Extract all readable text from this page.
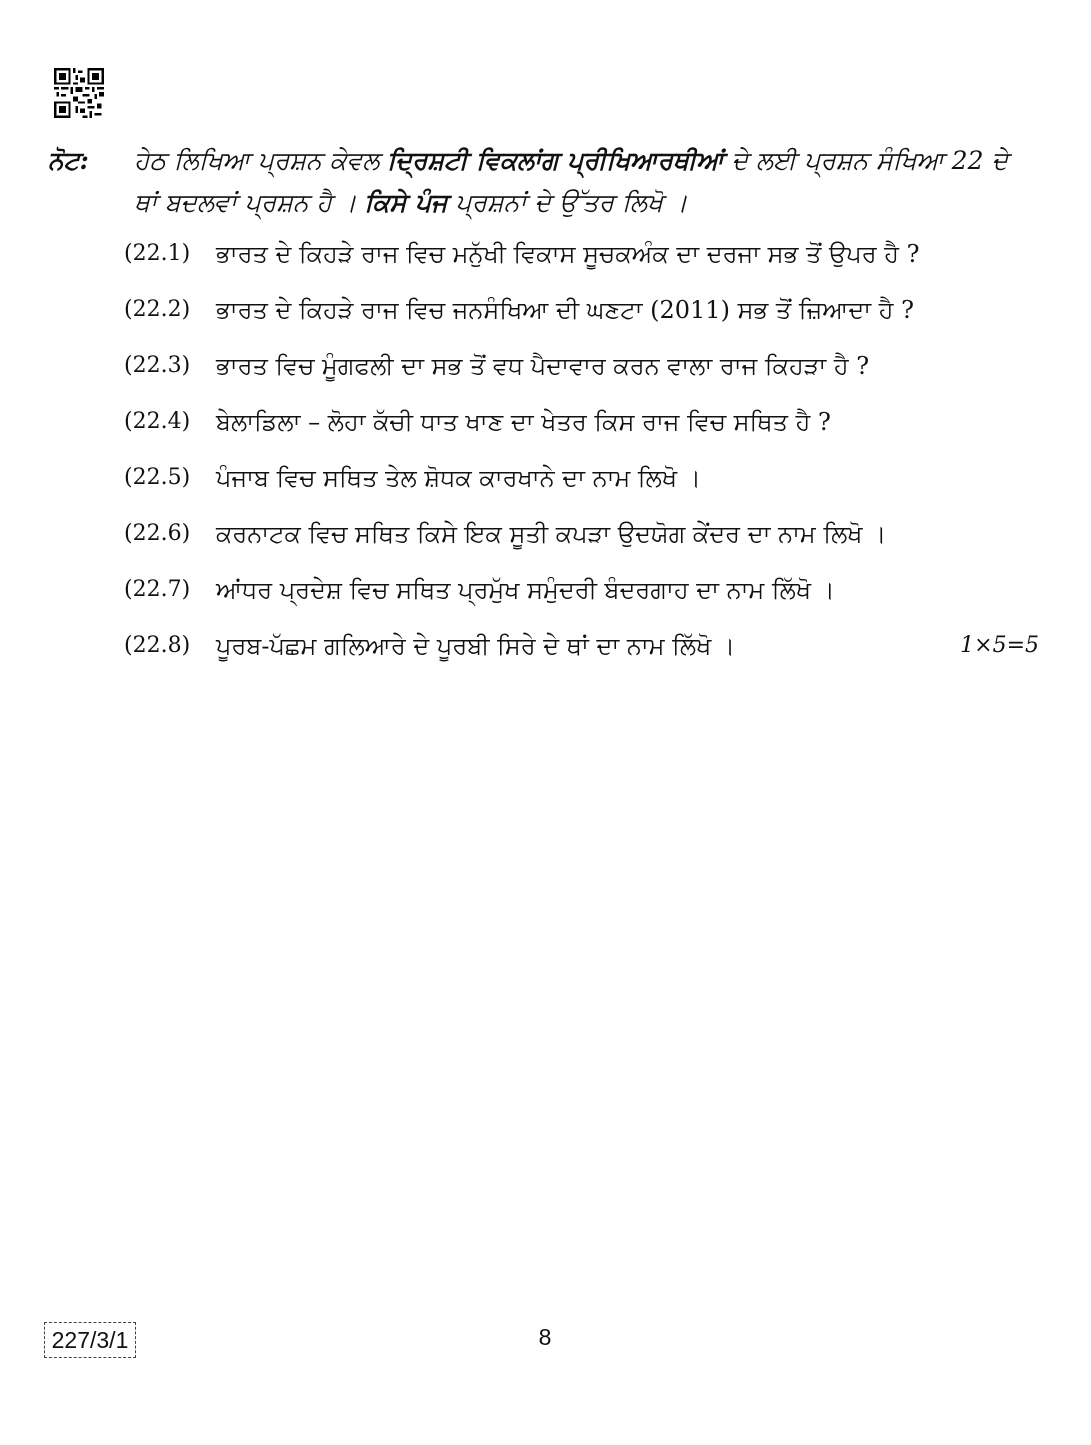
ਨੋਟ: ਹੇਠ ਲਿਖਿਆ ਪ੍ਰਸ਼ਨ ਕੇਵਲ ਦ੍ਰਿਸ਼ਟੀ ਵਿਕਲਾਂਗ ਪ੍ਰੀਖਿਆਰਥੀਆਂ ਦੇ ਲਈ ਪ੍ਰਸ਼ਨ ਸੰਖਿਆ 22 ਦੇ ਥਾਂ ਬਦਲਵਾਂ ਪ੍ਰਸ਼ਨ ਹੈ । ਕਿਸੇ ਪੰਜ ਪ੍ਰਸ਼ਨਾਂ ਦੇ ਉੱਤਰ ਲਿਖੋ ।
(22.1) ਭਾਰਤ ਦੇ ਕਿਹੜੇ ਰਾਜ ਵਿਚ ਮਨੁੱਖੀ ਵਿਕਾਸ ਸੂਚਕਅੰਕ ਦਾ ਦਰਜਾ ਸਭ ਤੋਂ ਉਪਰ ਹੈ ?
(22.2) ਭਾਰਤ ਦੇ ਕਿਹੜੇ ਰਾਜ ਵਿਚ ਜਨਸੰਖਿਆ ਦੀ ਘਣਟਾ (2011) ਸਭ ਤੋਂ ਜ਼ਿਆਦਾ ਹੈ ?
(22.3) ਭਾਰਤ ਵਿਚ ਮੂੰਗਫਲੀ ਦਾ ਸਭ ਤੋਂ ਵਧ ਪੈਦਾਵਾਰ ਕਰਨ ਵਾਲਾ ਰਾਜ ਕਿਹੜਾ ਹੈ ?
(22.4) ਬੇਲਾਡਿਲਾ – ਲੋਹਾ ਕੱਚੀ ਧਾਤ ਖਾਣ ਦਾ ਖੇਤਰ ਕਿਸ ਰਾਜ ਵਿਚ ਸਥਿਤ ਹੈ ?
(22.5) ਪੰਜਾਬ ਵਿਚ ਸਥਿਤ ਤੇਲ ਸ਼ੋਧਕ ਕਾਰਖਾਨੇ ਦਾ ਨਾਮ ਲਿਖੋ ।
(22.6) ਕਰਨਾਟਕ ਵਿਚ ਸਥਿਤ ਕਿਸੇ ਇਕ ਸੂਤੀ ਕਪੜਾ ਉਦਯੋਗ ਕੇਂਦਰ ਦਾ ਨਾਮ ਲਿਖੋ ।
(22.7) ਆਂਧਰ ਪ੍ਰਦੇਸ਼ ਵਿਚ ਸਥਿਤ ਪ੍ਰਮੁੱਖ ਸਮੁੰਦਰੀ ਬੰਦਰਗਾਹ ਦਾ ਨਾਮ ਲਿੱਖੋ ।
(22.8) ਪੂਰਬ-ਪੱਛਮ ਗਲਿਆਰੇ ਦੇ ਪੂਰਬੀ ਸਿਰੇ ਦੇ ਥਾਂ ਦਾ ਨਾਮ ਲਿੱਖੋ ।	1×5=5
227/3/1	8
